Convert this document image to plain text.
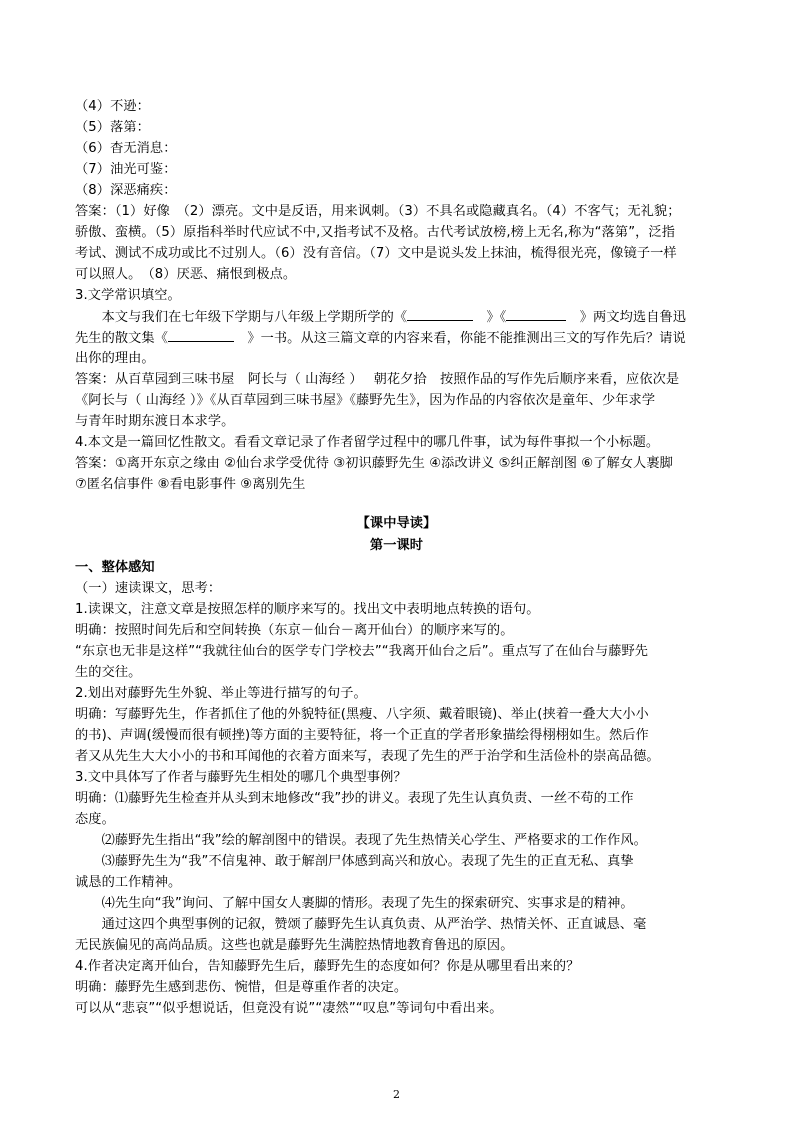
（4）不逊：
（5）落第：
（6）杳无消息：
（7）油光可鉴：
（8）深恶痛疾：
答案：（1）好像　（2）漂亮。文中是反语，用来讽刺。（3）不具名或隐藏真名。（4）不客气；无礼貌；
骄傲、蛮横。（5）原指科举时代应试不中,又指考试不及格。古代考试放榜,榜上无名,称为“落第”，泛指
考试、测试不成功或比不过别人。（6）没有音信。（7）文中是说头发上抹油，梳得很光亮，像镜子一样
可以照人。　（8）厌恶、痛恨到极点。
3.文学常识填空。
　　本文与我们在七年级下学期与八年级上学期所学的《　	》《　	》两文均选自鲁迅
先生的散文集《　	》一书。从这三篇文章的内容来看，你能不能推测出三文的写作先后？请说
出你的理由。
答案：从百草园到三味书屋　阿长与（ 山海经 ）　 朝花夕拾　按照作品的写作先后顺序来看，应依次是
《阿长与（ 山海经 ）》《从百草园到三味书屋》《藤野先生》，因为作品的内容依次是童年、少年求学
与青年时期东渡日本求学。
4.本文是一篇回忆性散文。看看文章记录了作者留学过程中的哪几件事，试为每件事拟一个小标题。
答案：①离开东京之缘由 ②仙台求学受优待 ③初识藤野先生 ④添改讲义 ⑤纠正解剖图 ⑥了解女人裹脚
⑦匿名信事件 ⑧看电影事件 ⑨离别先生
【课中导读】
第一课时
一、整体感知
（一）速读课文，思考：
1.读课文，注意文章是按照怎样的顺序来写的。找出文中表明地点转换的语句。
明确：按照时间先后和空间转换（东京－仙台－离开仙台）的顺序来写的。
“东京也无非是这样”“我就往仙台的医学专门学校去”“我离开仙台之后”。重点写了在仙台与藤野先
生的交往。
2.划出对藤野先生外貌、举止等进行描写的句子。
明确：写藤野先生，作者抓住了他的外貌特征(黑瘦、八字须、戴着眼镜)、举止(挟着一叠大大小小
的书)、声调(缓慢而很有顿挫)等方面的主要特征，将一个正直的学者形象描绘得栩栩如生。然后作
者又从先生大大小小的书和耳闻他的衣着方面来写，表现了先生的严于治学和生活俭朴的崇高品德。
3.文中具体写了作者与藤野先生相处的哪几个典型事例？
明确：⑴藤野先生检查并从头到末地修改“我”抄的讲义。表现了先生认真负责、一丝不苟的工作
态度。
　　⑵藤野先生指出“我”绘的解剖图中的错误。表现了先生热情关心学生、严格要求的工作作风。
　　⑶藤野先生为“我”不信鬼神、敢于解剖尸体感到高兴和放心。表现了先生的正直无私、真挚
诚恳的工作精神。
　　⑷先生向“我”询问、了解中国女人裹脚的情形。表现了先生的探索研究、实事求是的精神。
　　通过这四个典型事例的记叙，赞颂了藤野先生认真负责、从严治学、热情关怀、正直诚恳、毫
无民族偏见的高尚品质。这些也就是藤野先生满腔热情地教育鲁迅的原因。
4.作者决定离开仙台，告知藤野先生后，藤野先生的态度如何？你是从哪里看出来的？
明确：藤野先生感到悲伤、惋惜，但是尊重作者的决定。
可以从“悲哀”“似乎想说话，但竟没有说”“凄然”“叹息”等词句中看出来。
2
